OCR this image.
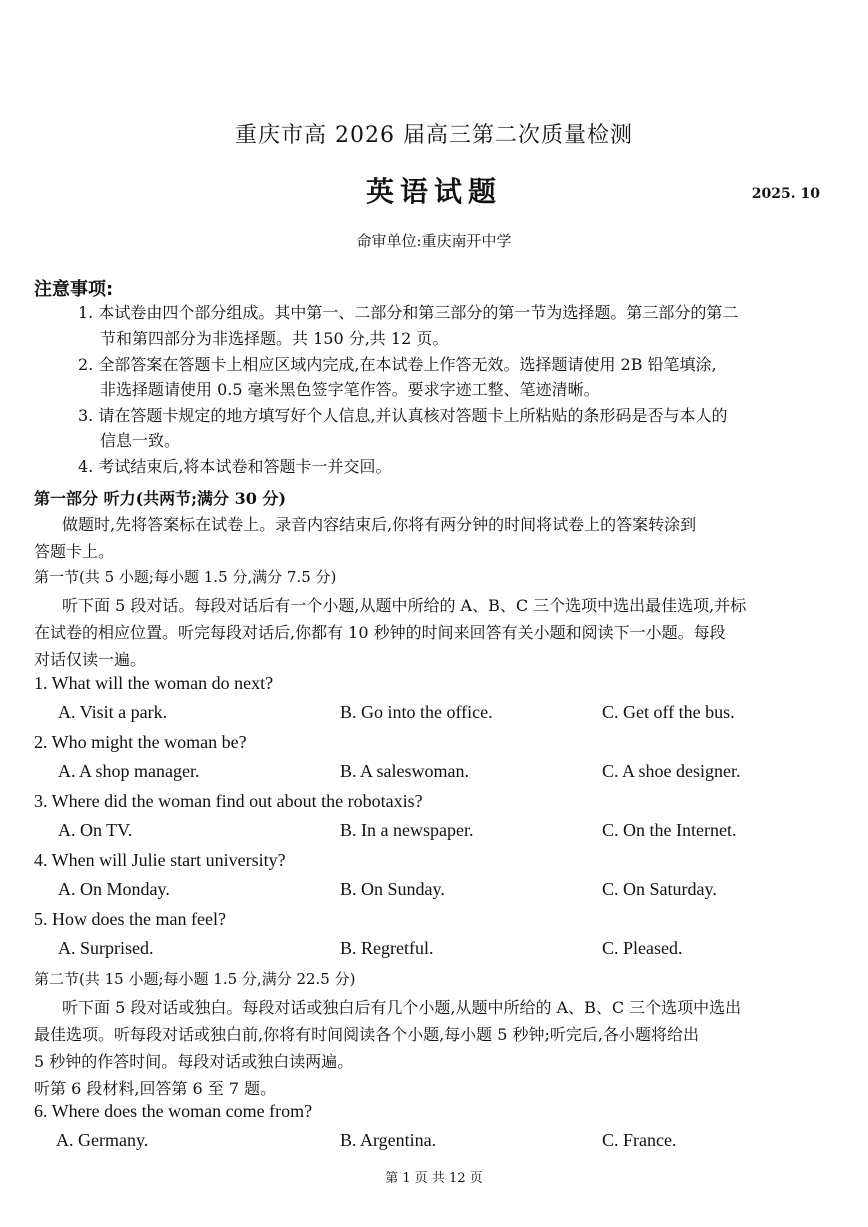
重庆市高 2026 届高三第二次质量检测
英语试题	2025. 10
命审单位:重庆南开中学
注意事项:
1. 本试卷由四个部分组成。其中第一、二部分和第三部分的第一节为选择题。第三部分的第二
节和第四部分为非选择题。共 150 分,共 12 页。
2. 全部答案在答题卡上相应区域内完成,在本试卷上作答无效。选择题请使用 2B 铅笔填涂,
非选择题请使用 0.5 毫米黑色签字笔作答。要求字迹工整、笔迹清晰。
3. 请在答题卡规定的地方填写好个人信息,并认真核对答题卡上所粘贴的条形码是否与本人的
信息一致。
4. 考试结束后,将本试卷和答题卡一并交回。
第一部分 听力(共两节;满分 30 分)
做题时,先将答案标在试卷上。录音内容结束后,你将有两分钟的时间将试卷上的答案转涂到
答题卡上。
第一节(共 5 小题;每小题 1.5 分,满分 7.5 分)
听下面 5 段对话。每段对话后有一个小题,从题中所给的 A、B、C 三个选项中选出最佳选项,并标
在试卷的相应位置。听完每段对话后,你都有 10 秒钟的时间来回答有关小题和阅读下一小题。每段
对话仅读一遍。
1. What will the woman do next?
A. Visit a park.	B. Go into the office.	C. Get off the bus.
2. Who might the woman be?
A. A shop manager.	B. A saleswoman.	C. A shoe designer.
3. Where did the woman find out about the robotaxis?
A. On TV.	B. In a newspaper.	C. On the Internet.
4. When will Julie start university?
A. On Monday.	B. On Sunday.	C. On Saturday.
5. How does the man feel?
A. Surprised.	B. Regretful.	C. Pleased.
第二节(共 15 小题;每小题 1.5 分,满分 22.5 分)
听下面 5 段对话或独白。每段对话或独白后有几个小题,从题中所给的 A、B、C 三个选项中选出
最佳选项。听每段对话或独白前,你将有时间阅读各个小题,每小题 5 秒钟;听完后,各小题将给出
5 秒钟的作答时间。每段对话或独白读两遍。
听第 6 段材料,回答第 6 至 7 题。
6. Where does the woman come from?
A. Germany.	B. Argentina.	C. France.
第 1 页 共 12 页
